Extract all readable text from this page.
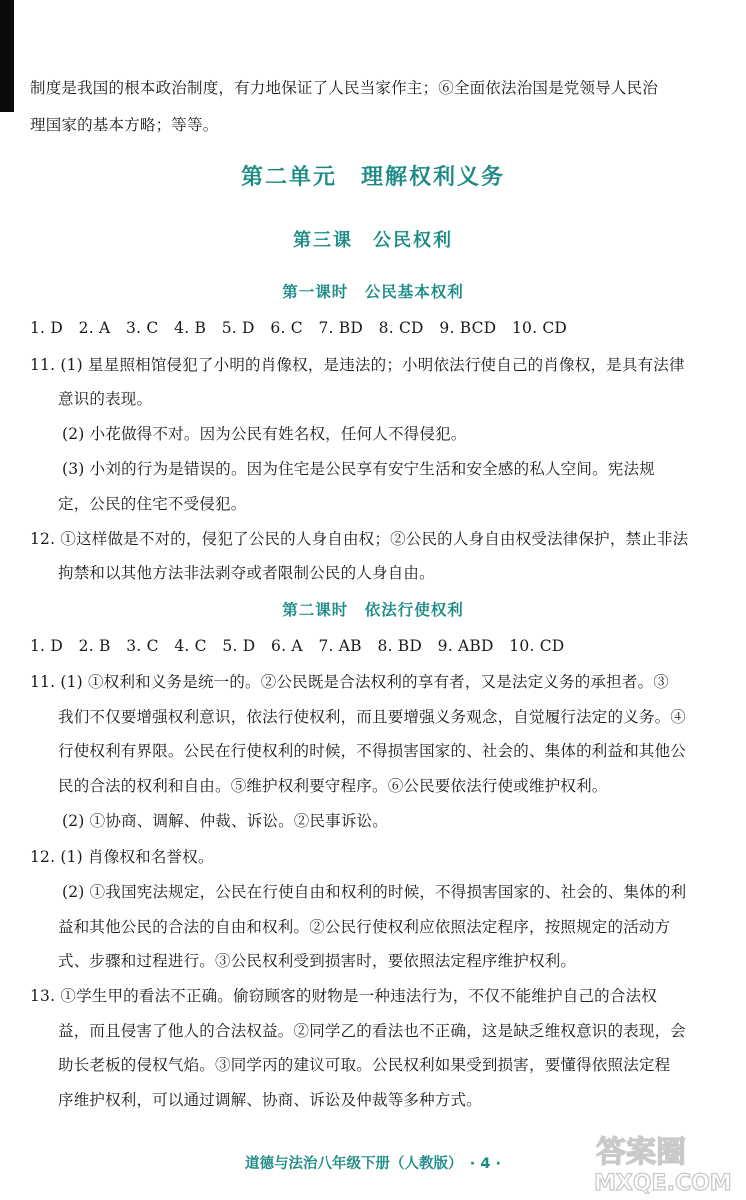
制度是我国的根本政治制度，有力地保证了人民当家作主；⑥全面依法治国是党领导人民治
理国家的基本方略；等等。
第二单元　理解权利义务
第三课　公民权利
第一课时　公民基本权利
1. D　2. A　3. C　4. B　5. D　6. C　7. BD　8. CD　9. BCD　10. CD
11. (1) 星星照相馆侵犯了小明的肖像权，是违法的；小明依法行使自己的肖像权，是具有法律
意识的表现。
(2) 小花做得不对。因为公民有姓名权，任何人不得侵犯。
(3) 小刘的行为是错误的。因为住宅是公民享有安宁生活和安全感的私人空间。宪法规
定，公民的住宅不受侵犯。
12. ①这样做是不对的，侵犯了公民的人身自由权；②公民的人身自由权受法律保护，禁止非法
拘禁和以其他方法非法剥夺或者限制公民的人身自由。
第二课时　依法行使权利
1. D　2. B　3. C　4. C　5. D　6. A　7. AB　8. BD　9. ABD　10. CD
11. (1) ①权利和义务是统一的。②公民既是合法权利的享有者，又是法定义务的承担者。③
我们不仅要增强权利意识，依法行使权利，而且要增强义务观念，自觉履行法定的义务。④
行使权利有界限。公民在行使权利的时候，不得损害国家的、社会的、集体的利益和其他公
民的合法的权利和自由。⑤维护权利要守程序。⑥公民要依法行使或维护权利。
(2) ①协商、调解、仲裁、诉讼。②民事诉讼。
12. (1) 肖像权和名誉权。
(2) ①我国宪法规定，公民在行使自由和权利的时候，不得损害国家的、社会的、集体的利
益和其他公民的合法的自由和权利。②公民行使权利应依照法定程序，按照规定的活动方
式、步骤和过程进行。③公民权利受到损害时，要依照法定程序维护权利。
13. ①学生甲的看法不正确。偷窃顾客的财物是一种违法行为，不仅不能维护自己的合法权
益，而且侵害了他人的合法权益。②同学乙的看法也不正确，这是缺乏维权意识的表现，会
助长老板的侵权气焰。③同学丙的建议可取。公民权利如果受到损害，要懂得依照法定程
序维护权利，可以通过调解、协商、诉讼及仲裁等多种方式。
道德与法治八年级下册（人教版）　· 4 ·	答案圈
MXQE.COM
